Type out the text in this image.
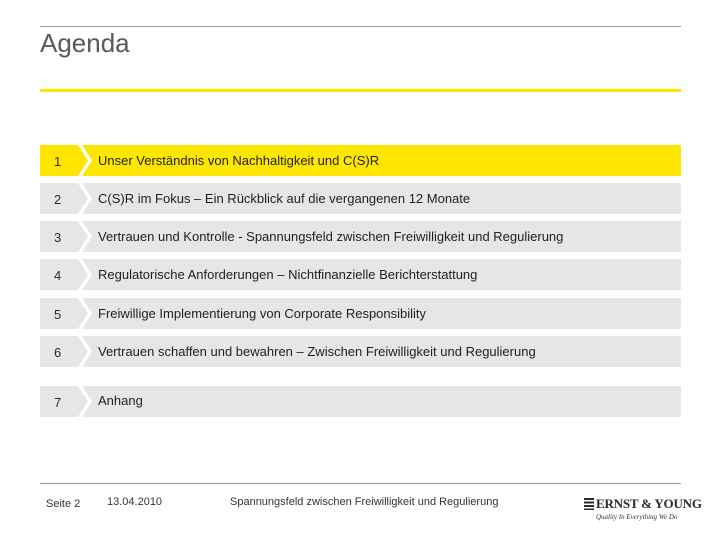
Agenda
1	Unser Verständnis von Nachhaltigkeit und C(S)R
2	C(S)R im Fokus – Ein Rückblick auf die vergangenen 12 Monate
3	Vertrauen und Kontrolle - Spannungsfeld zwischen Freiwilligkeit und Regulierung
4	Regulatorische Anforderungen – Nichtfinanzielle Berichterstattung
5	Freiwillige Implementierung von Corporate Responsibility
6	Vertrauen schaffen und bewahren – Zwischen Freiwilligkeit und Regulierung
7	Anhang
Seite 2 13.04.2010	Spannungsfeld zwischen Freiwilligkeit und Regulierung	ERNST & YOUNG
Quality In Everything We Do
